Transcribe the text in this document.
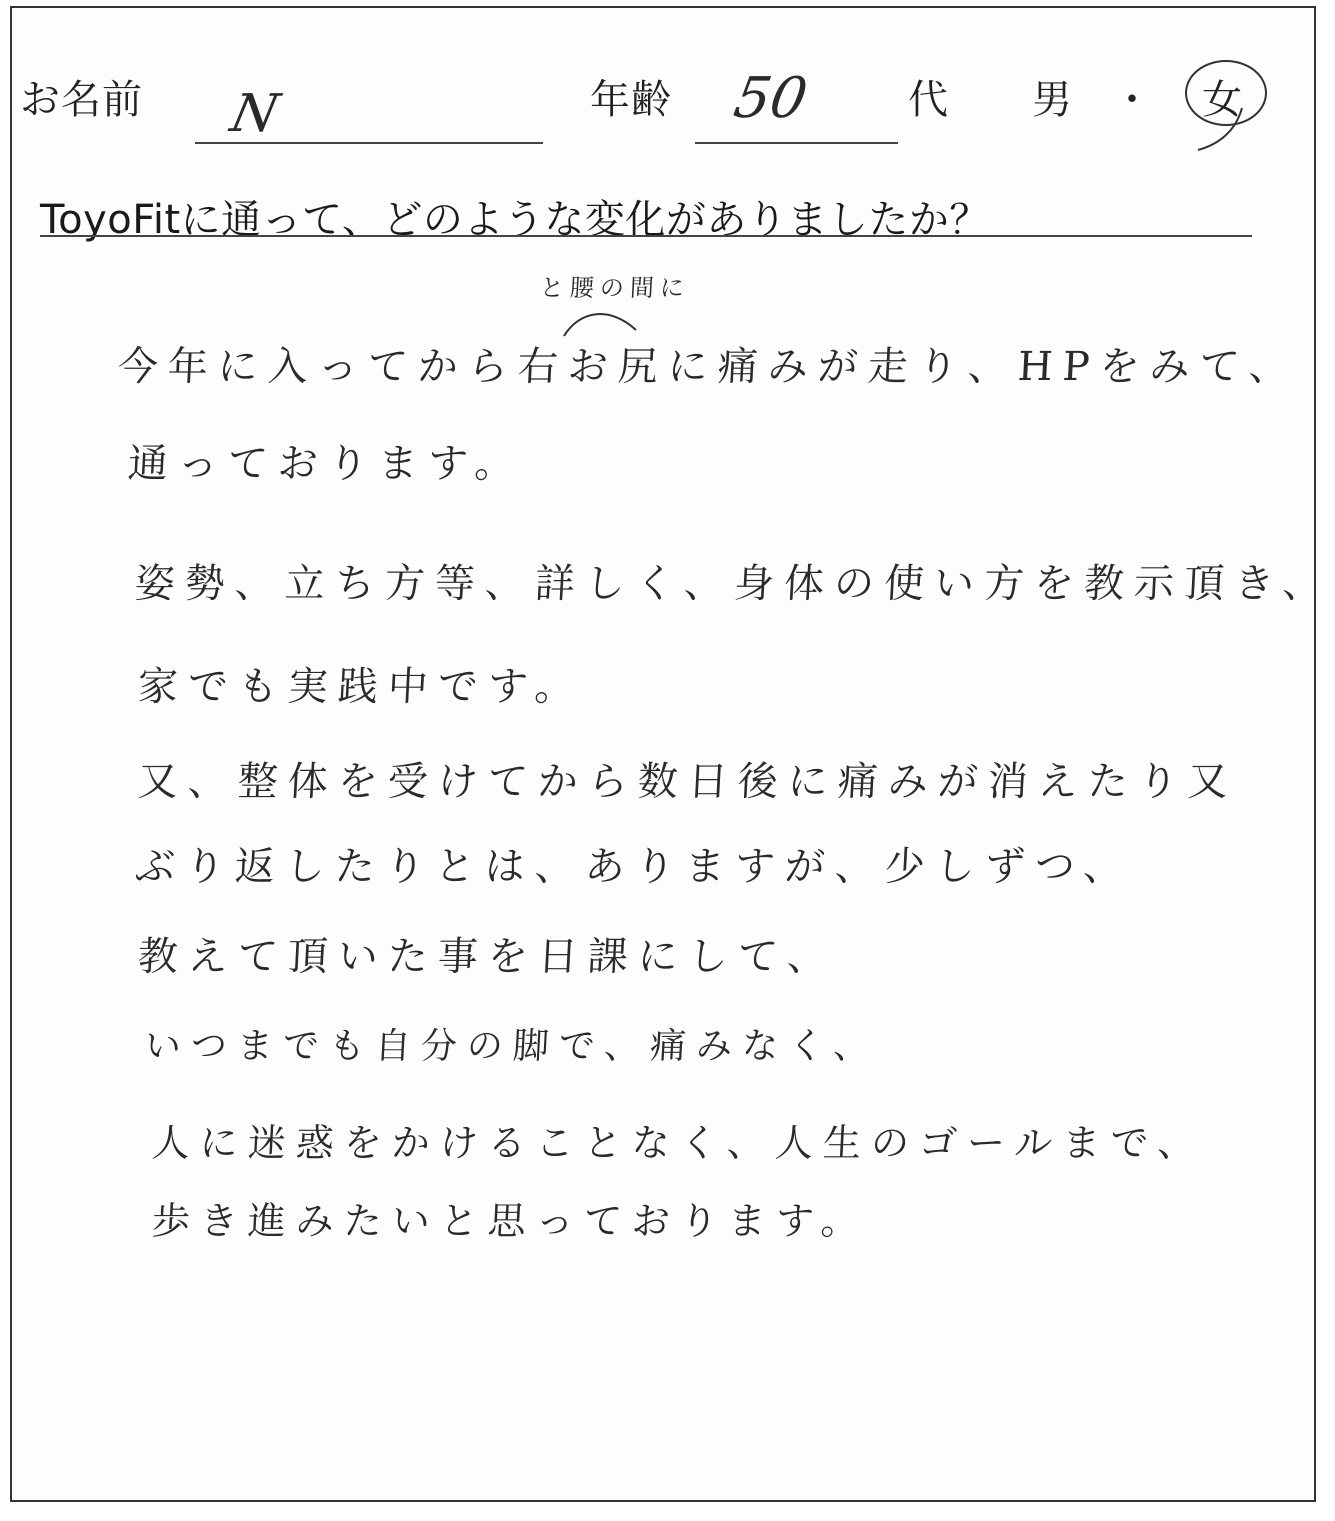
お名前 N	年齢 50 代 男 ・ 女
ToyoFitに通って、どのような変化がありましたか？
と腰の間に
今年に入ってから右お尻に痛みが走り、HPをみて、
通っております。
姿勢、立ち方等、詳しく、身体の使い方を教示頂き、
家でも実践中です。
又、整体を受けてから数日後に痛みが消えたり又
ぶり返したりとは、ありますが、少しずつ、
教えて頂いた事を日課にして、
いつまでも自分の脚で、痛みなく、
人に迷惑をかけることなく、人生のゴールまで、
歩き進みたいと思っております。
